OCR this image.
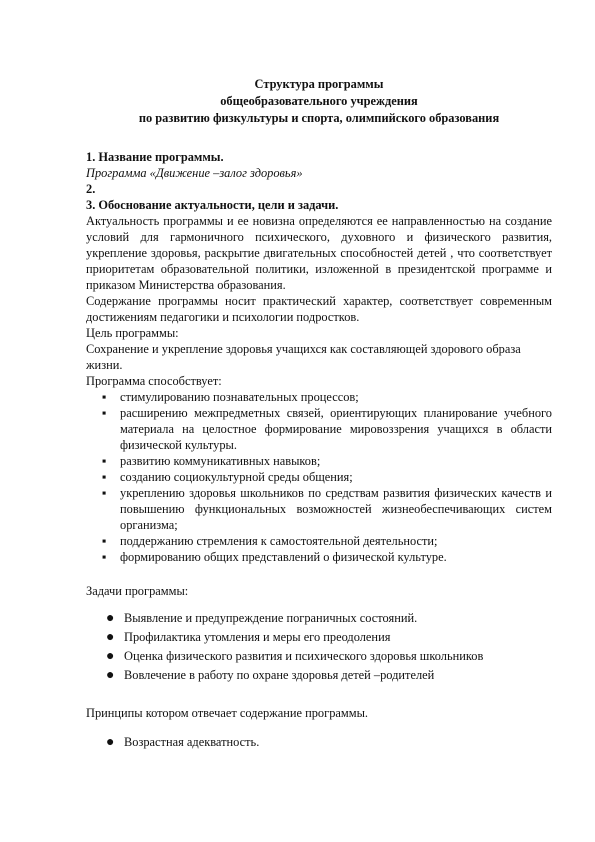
Структура программы
общеобразовательного учреждения
по развитию физкультуры и спорта, олимпийского образования

1. Название программы.

Программа «Движение –залог здоровья»

2.

3. Обоснование актуальности, цели и задачи.

Актуальность программы и ее новизна определяются ее направленностью на создание условий для гармоничного психического, духовного и физического развития, укрепление здоровья, раскрытие двигательных способностей детей , что соответствует приоритетам образовательной политики, изложенной в президентской программе и приказом Министерства образования.

Содержание программы носит практический характер, соответствует современным достижениям педагогики и психологии подростков.

Цель программы:

Сохранение и укрепление здоровья учащихся как составляющей здорового образа жизни.

Программа способствует:

▪ стимулированию познавательных процессов;
▪ расширению межпредметных связей, ориентирующих планирование учебного материала на целостное формирование мировоззрения учащихся в области физической культуры.
▪ развитию коммуникативных навыков;
▪ созданию социокультурной среды общения;
▪ укреплению здоровья школьников по средствам развития физических качеств и повышению функциональных возможностей жизнеобеспечивающих систем организма;
▪ поддержанию стремления к самостоятельной деятельности;
▪ формированию общих представлений о физической культуре.

Задачи программы:

● Выявление и предупреждение пограничных состояний.
● Профилактика утомления и меры его преодоления
● Оценка физического развития и психического здоровья школьников
● Вовлечение в работу по охране здоровья детей –родителей

Принципы котором отвечает содержание программы.

● Возрастная адекватность.
